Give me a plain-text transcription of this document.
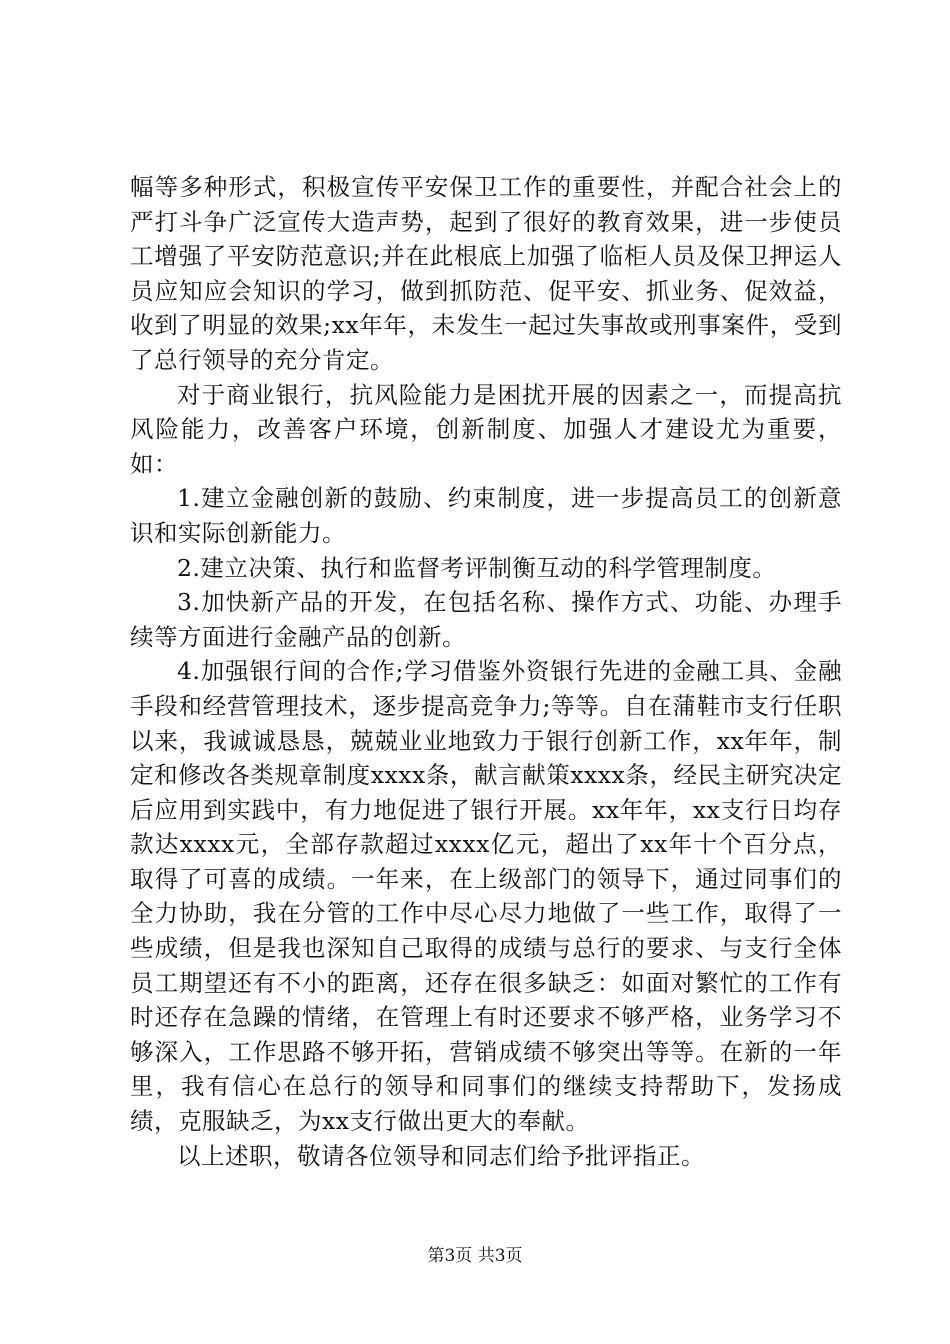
幅等多种形式，积极宣传平安保卫工作的重要性，并配合社会上的严打斗争广泛宣传大造声势，起到了很好的教育效果，进一步使员工增强了平安防范意识;并在此根底上加强了临柜人员及保卫押运人员应知应会知识的学习，做到抓防范、促平安、抓业务、促效益，收到了明显的效果;xx年年，未发生一起过失事故或刑事案件，受到了总行领导的充分肯定。

对于商业银行，抗风险能力是困扰开展的因素之一，而提高抗风险能力，改善客户环境，创新制度、加强人才建设尤为重要，如：

1.建立金融创新的鼓励、约束制度，进一步提高员工的创新意识和实际创新能力。

2.建立决策、执行和监督考评制衡互动的科学管理制度。

3.加快新产品的开发，在包括名称、操作方式、功能、办理手续等方面进行金融产品的创新。

4.加强银行间的合作;学习借鉴外资银行先进的金融工具、金融手段和经营管理技术，逐步提高竞争力;等等。自在蒲鞋市支行任职以来，我诚诚恳恳，兢兢业业地致力于银行创新工作，xx年年，制定和修改各类规章制度xxxx条，献言献策xxxx条，经民主研究决定后应用到实践中，有力地促进了银行开展。xx年年，xx支行日均存款达xxxx元，全部存款超过xxxx亿元，超出了xx年十个百分点，取得了可喜的成绩。一年来，在上级部门的领导下，通过同事们的全力协助，我在分管的工作中尽心尽力地做了一些工作，取得了一些成绩，但是我也深知自己取得的成绩与总行的要求、与支行全体员工期望还有不小的距离，还存在很多缺乏：如面对繁忙的工作有时还存在急躁的情绪，在管理上有时还要求不够严格，业务学习不够深入，工作思路不够开拓，营销成绩不够突出等等。在新的一年里，我有信心在总行的领导和同事们的继续支持帮助下，发扬成绩，克服缺乏，为xx支行做出更大的奉献。

以上述职，敬请各位领导和同志们给予批评指正。

第3页 共3页
